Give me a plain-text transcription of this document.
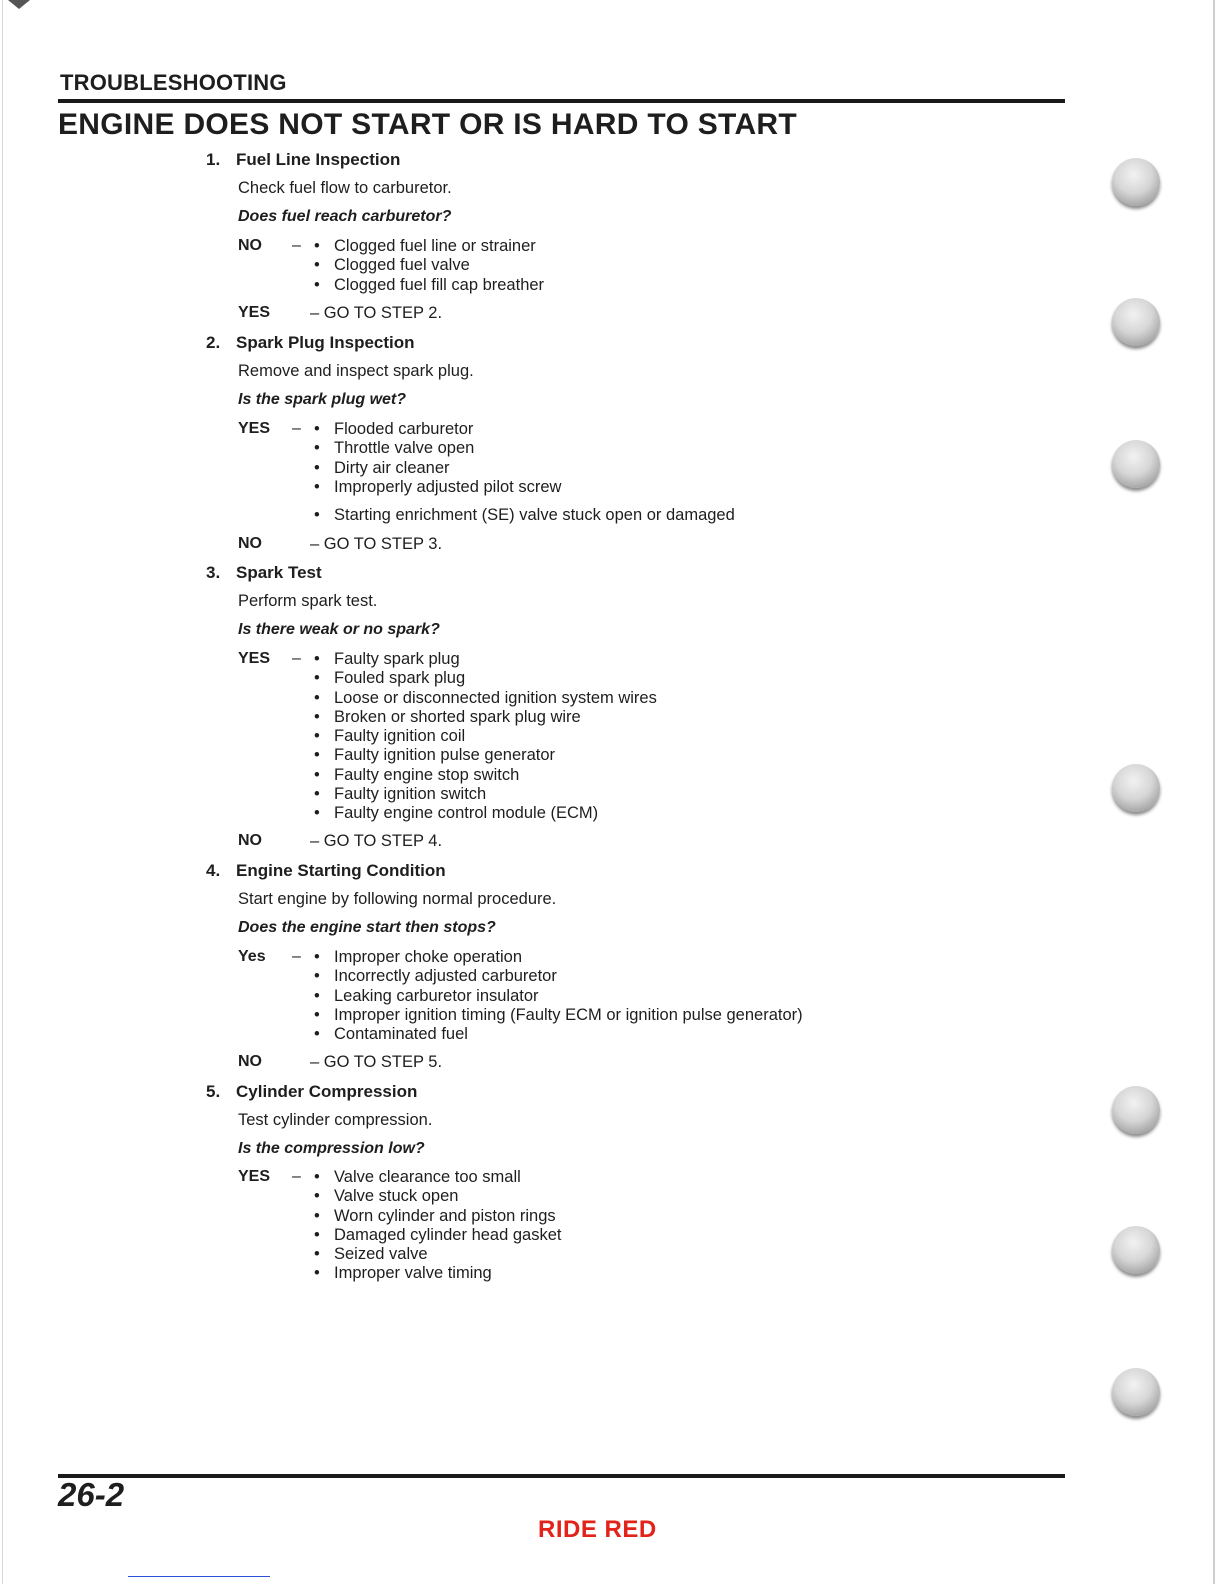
TROUBLESHOOTING
ENGINE DOES NOT START OR IS HARD TO START
1. Fuel Line Inspection
Check fuel flow to carburetor.
Does fuel reach carburetor?
NO – • Clogged fuel line or strainer
• Clogged fuel valve
• Clogged fuel fill cap breather
YES – GO TO STEP 2.
2. Spark Plug Inspection
Remove and inspect spark plug.
Is the spark plug wet?
YES – • Flooded carburetor
• Throttle valve open
• Dirty air cleaner
• Improperly adjusted pilot screw
• Starting enrichment (SE) valve stuck open or damaged
NO	– GO TO STEP 3.
3. Spark Test
Perform spark test.
Is there weak or no spark?
YES – • Faulty spark plug
• Fouled spark plug
• Loose or disconnected ignition system wires
• Broken or shorted spark plug wire
• Faulty ignition coil
• Faulty ignition pulse generator
• Faulty engine stop switch
• Faulty ignition switch
• Faulty engine control module (ECM)
NO	– GO TO STEP 4.
4. Engine Starting Condition
Start engine by following normal procedure.
Does the engine start then stops?
Yes – • Improper choke operation
• Incorrectly adjusted carburetor
• Leaking carburetor insulator
• Improper ignition timing (Faulty ECM or ignition pulse generator)
• Contaminated fuel
NO	– GO TO STEP 5.
5. Cylinder Compression
Test cylinder compression.
Is the compression low?
YES – • Valve clearance too small
• Valve stuck open
• Worn cylinder and piston rings
• Damaged cylinder head gasket
• Seized valve
• Improper valve timing
26-2
RIDE RED
